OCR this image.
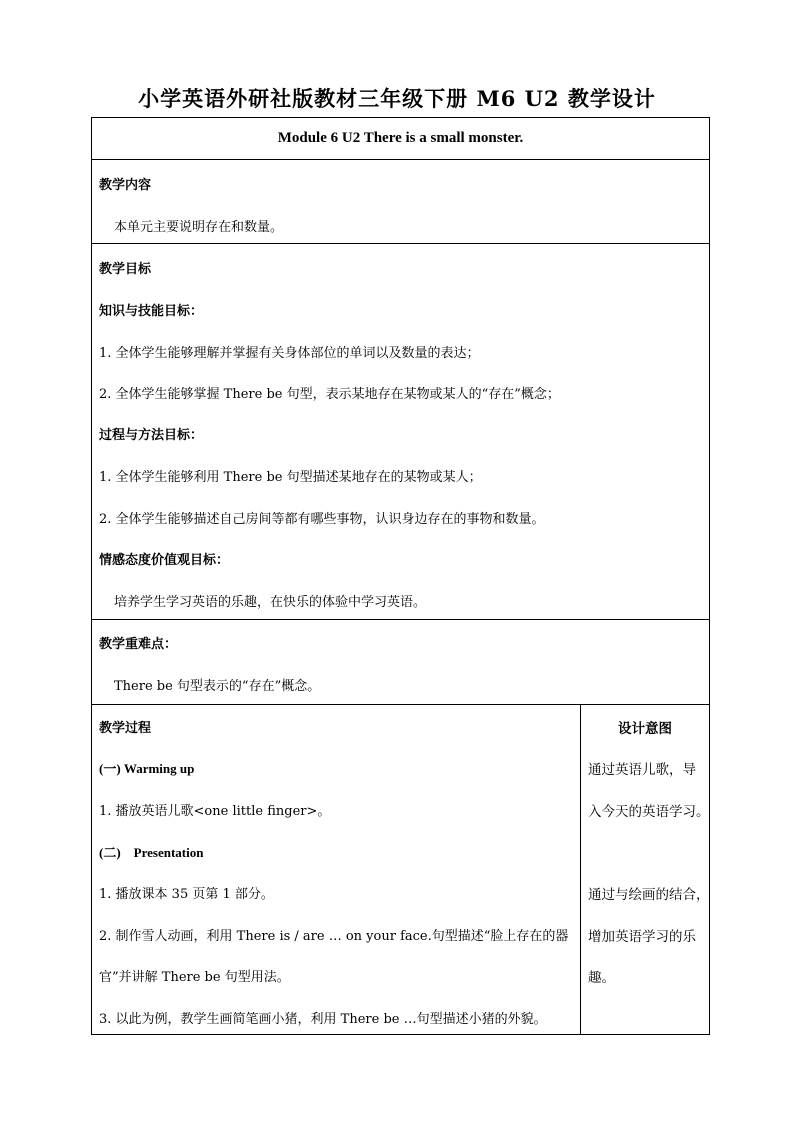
小学英语外研社版教材三年级下册 M6 U2 教学设计
Module 6 U2 There is a small monster.
教学内容
本单元主要说明存在和数量。
教学目标
知识与技能目标：
1. 全体学生能够理解并掌握有关身体部位的单词以及数量的表达；
2. 全体学生能够掌握 There be 句型，表示某地存在某物或某人的“存在”概念；
过程与方法目标：
1. 全体学生能够利用 There be 句型描述某地存在的某物或某人；
2. 全体学生能够描述自己房间等都有哪些事物，认识身边存在的事物和数量。
情感态度价值观目标：
培养学生学习英语的乐趣，在快乐的体验中学习英语。
教学重难点：
There be 句型表示的“存在”概念。
教学过程
(一) Warming up
1. 播放英语儿歌<one little finger>。
(二)    Presentation
1. 播放课本 35 页第 1 部分。
2. 制作雪人动画，利用 There is / are … on your face.句型描述“脸上存在的器
官”并讲解 There be 句型用法。
3. 以此为例，教学生画简笔画小猪，利用 There be …句型描述小猪的外貌。
设计意图
通过英语儿歌，导
入今天的英语学习。
通过与绘画的结合，
增加英语学习的乐
趣。
